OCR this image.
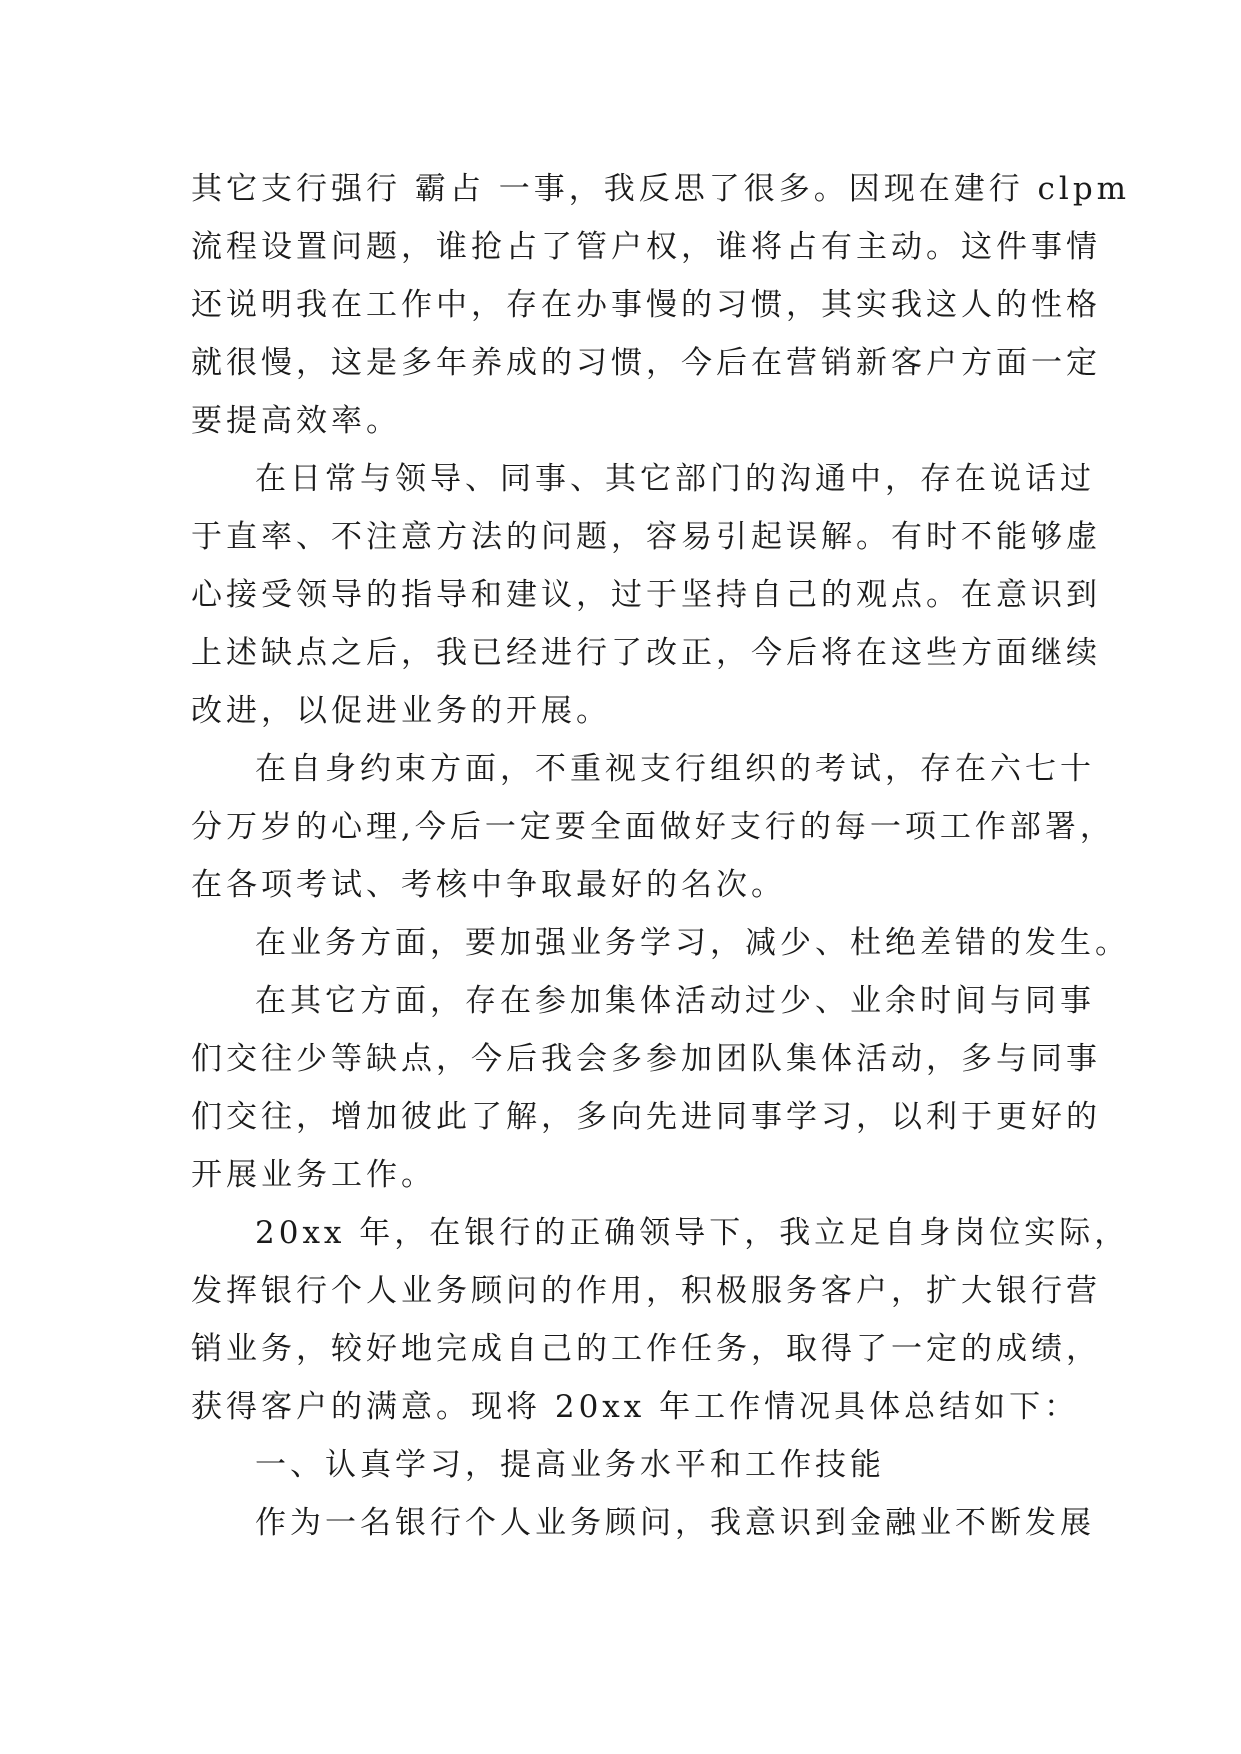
其它支行强行 霸占 一事，我反思了很多。因现在建行 clpm
流程设置问题，谁抢占了管户权，谁将占有主动。这件事情
还说明我在工作中，存在办事慢的习惯，其实我这人的性格
就很慢，这是多年养成的习惯，今后在营销新客户方面一定
要提高效率。
在日常与领导、同事、其它部门的沟通中，存在说话过
于直率、不注意方法的问题，容易引起误解。有时不能够虚
心接受领导的指导和建议，过于坚持自己的观点。在意识到
上述缺点之后，我已经进行了改正，今后将在这些方面继续
改进，以促进业务的开展。
在自身约束方面，不重视支行组织的考试，存在六七十
分万岁的心理,今后一定要全面做好支行的每一项工作部署，
在各项考试、考核中争取最好的名次。
在业务方面，要加强业务学习，减少、杜绝差错的发生。
在其它方面，存在参加集体活动过少、业余时间与同事
们交往少等缺点，今后我会多参加团队集体活动，多与同事
们交往，增加彼此了解，多向先进同事学习，以利于更好的
开展业务工作。
20xx 年，在银行的正确领导下，我立足自身岗位实际，
发挥银行个人业务顾问的作用，积极服务客户，扩大银行营
销业务，较好地完成自己的工作任务，取得了一定的成绩，
获得客户的满意。现将 20xx 年工作情况具体总结如下：
一、认真学习，提高业务水平和工作技能
作为一名银行个人业务顾问，我意识到金融业不断发展
